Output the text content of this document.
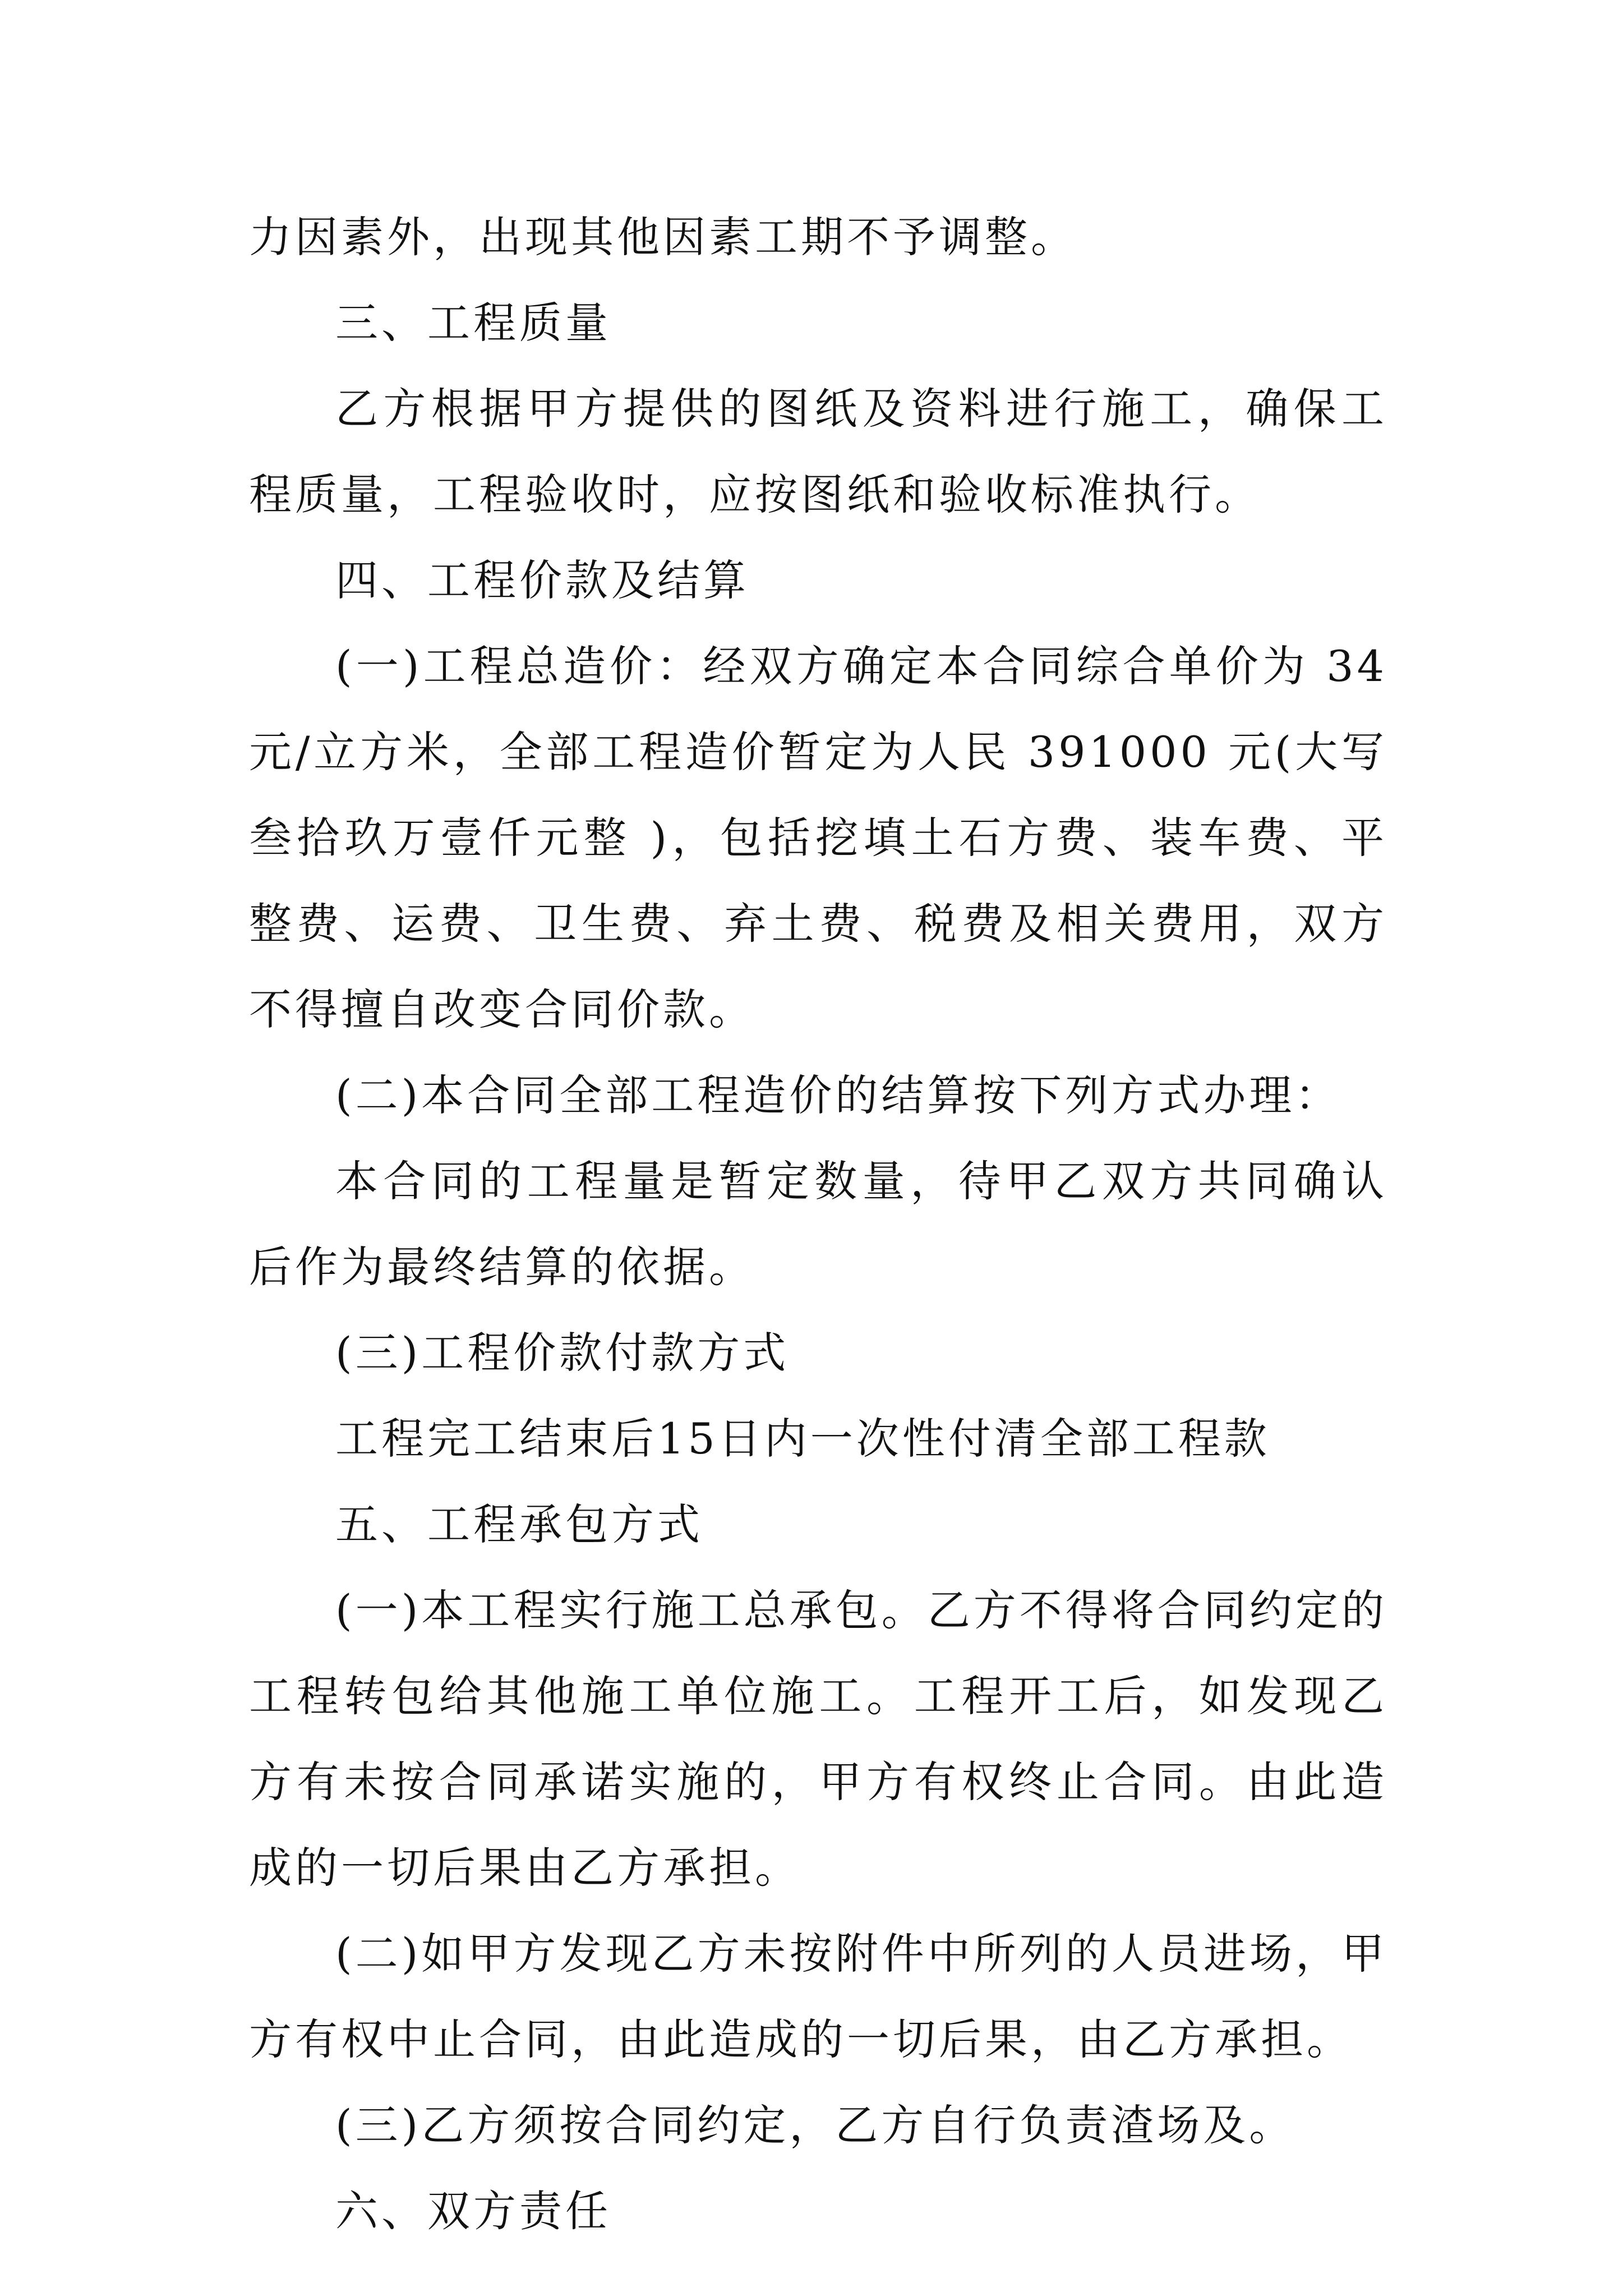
力因素外，出现其他因素工期不予调整。

三、工程质量

乙方根据甲方提供的图纸及资料进行施工，确保工程质量，工程验收时，应按图纸和验收标准执行。

四、工程价款及结算

(一)工程总造价：经双方确定本合同综合单价为 34 元/立方米，全部工程造价暂定为人民 391000 元(大写 叁拾玖万壹仟元整 )，包括挖填土石方费、装车费、平整费、运费、卫生费、弃土费、税费及相关费用，双方不得擅自改变合同价款。

(二)本合同全部工程造价的结算按下列方式办理：

本合同的工程量是暂定数量，待甲乙双方共同确认后作为最终结算的依据。

(三)工程价款付款方式

工程完工结束后15日内一次性付清全部工程款

五、工程承包方式

(一)本工程实行施工总承包。乙方不得将合同约定的工程转包给其他施工单位施工。工程开工后，如发现乙方有未按合同承诺实施的，甲方有权终止合同。由此造成的一切后果由乙方承担。

(二)如甲方发现乙方未按附件中所列的人员进场，甲方有权中止合同，由此造成的一切后果，由乙方承担。

(三)乙方须按合同约定，乙方自行负责渣场及。

六、双方责任
